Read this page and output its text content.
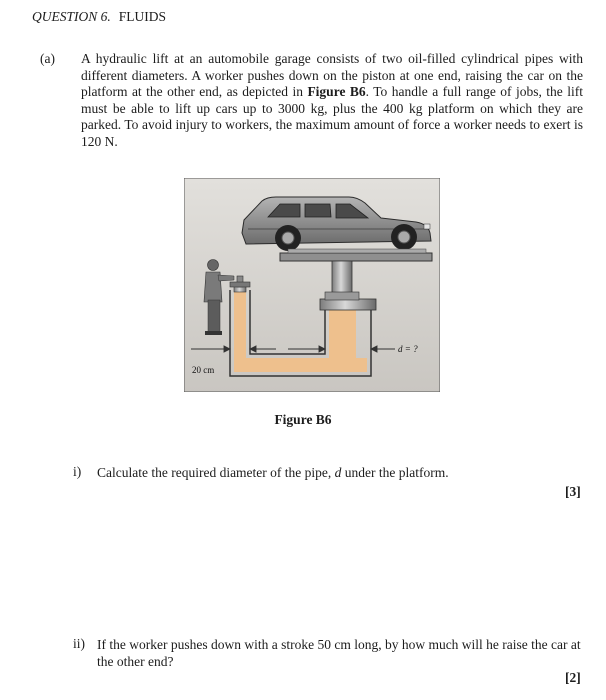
QUESTION 6. FLUIDS
(a) A hydraulic lift at an automobile garage consists of two oil-filled cylindrical pipes with different diameters. A worker pushes down on the piston at one end, raising the car on the platform at the other end, as depicted in Figure B6. To handle a full range of jobs, the lift must be able to lift up cars up to 3000 kg, plus the 400 kg platform on which they are parked. To avoid injury to workers, the maximum amount of force a worker needs to exert is 120 N.
20 cm
d = ?
Figure B6
i) Calculate the required diameter of the pipe, d under the platform.
[3]
ii) If the worker pushes down with a stroke 50 cm long, by how much will he raise the car at the other end?
[2]
